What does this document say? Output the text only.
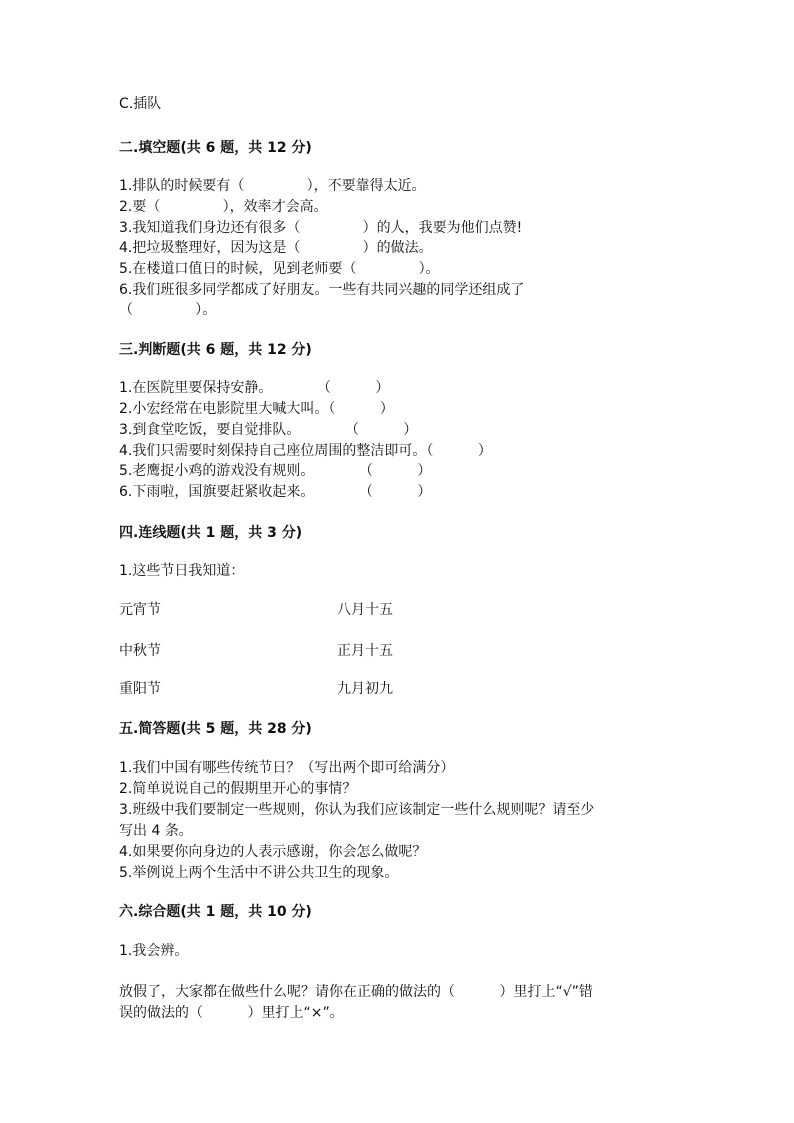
C.插队
二.填空题(共 6 题，共 12 分)
1.排队的时候要有（              ），不要靠得太近。
2.要（              ），效率才会高。
3.我知道我们身边还有很多（              ）的人，我要为他们点赞!
4.把垃圾整理好，因为这是（              ）的做法。
5.在楼道口值日的时候，见到老师要（              ）。
6.我们班很多同学都成了好朋友。一些有共同兴趣的同学还组成了
（              ）。
三.判断题(共 6 题，共 12 分)
1.在医院里要保持安静。          （          ）
2.小宏经常在电影院里大喊大叫。（          ）
3.到食堂吃饭，要自觉排队。          （          ）
4.我们只需要时刻保持自己座位周围的整洁即可。（          ）
5.老鹰捉小鸡的游戏没有规则。          （          ）
6.下雨啦，国旗要赶紧收起来。          （          ）
四.连线题(共 1 题，共 3 分)
1.这些节日我知道：
元宵节	八月十五
中秋节	正月十五
重阳节	九月初九
五.简答题(共 5 题，共 28 分)
1.我们中国有哪些传统节日？（写出两个即可给满分）
2.简单说说自己的假期里开心的事情？
3.班级中我们要制定一些规则，你认为我们应该制定一些什么规则呢？请至少
写出 4 条。
4.如果要你向身边的人表示感谢，你会怎么做呢？
5.举例说上两个生活中不讲公共卫生的现象。
六.综合题(共 1 题，共 10 分)
1.我会辨。
放假了，大家都在做些什么呢？请你在正确的做法的（          ）里打上“√”错
误的做法的（          ）里打上“×”。
